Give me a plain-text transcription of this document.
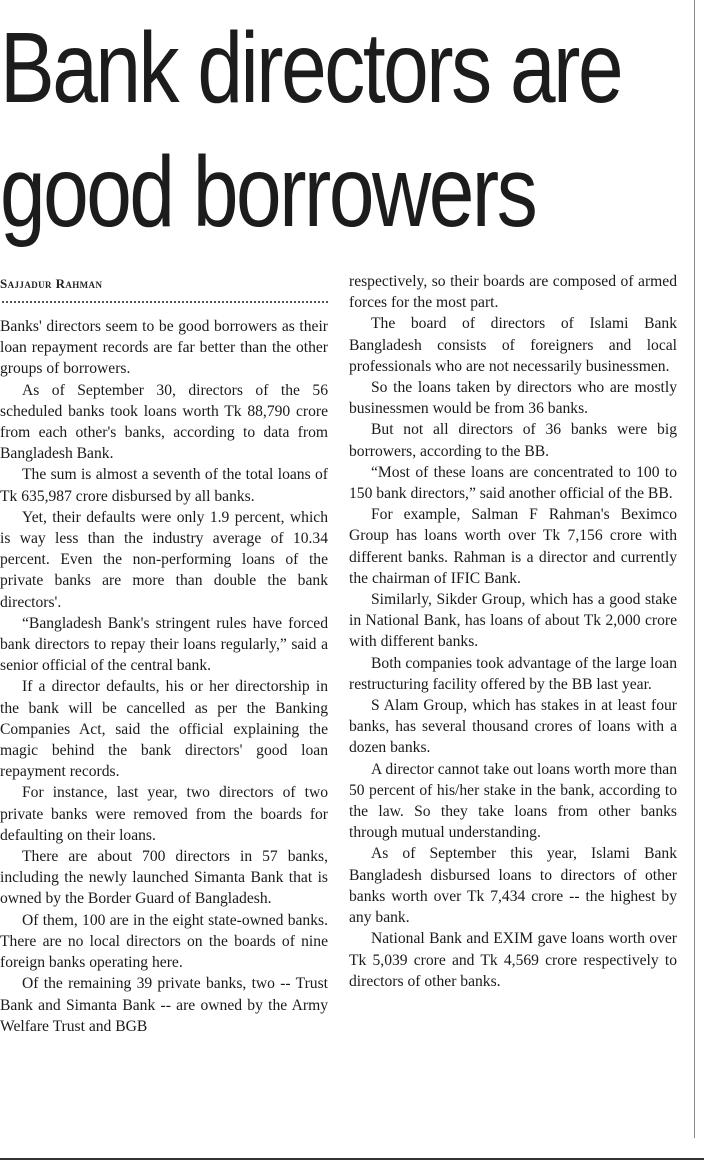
Bank directors are
good borrowers
Sajjadur Rahman

Banks' directors seem to be good borrowers as their loan repayment records are far better than the other groups of borrowers.

As of September 30, directors of the 56 scheduled banks took loans worth Tk 88,790 crore from each other's banks, according to data from Bangladesh Bank.

The sum is almost a seventh of the total loans of Tk 635,987 crore disbursed by all banks.

Yet, their defaults were only 1.9 percent, which is way less than the industry average of 10.34 percent. Even the non-performing loans of the private banks are more than double the bank directors'.

“Bangladesh Bank's stringent rules have forced bank directors to repay their loans regularly,” said a senior official of the central bank.

If a director defaults, his or her directorship in the bank will be cancelled as per the Banking Companies Act, said the official explaining the magic behind the bank directors' good loan repayment records.

For instance, last year, two directors of two private banks were removed from the boards for defaulting on their loans.

There are about 700 directors in 57 banks, including the newly launched Simanta Bank that is owned by the Border Guard of Bangladesh.

Of them, 100 are in the eight state-owned banks. There are no local directors on the boards of nine foreign banks operating here.

Of the remaining 39 private banks, two -- Trust Bank and Simanta Bank -- are owned by the Army Welfare Trust and BGB

respectively, so their boards are composed of armed forces for the most part.

The board of directors of Islami Bank Bangladesh consists of foreigners and local professionals who are not necessarily businessmen.

So the loans taken by directors who are mostly businessmen would be from 36 banks.

But not all directors of 36 banks were big borrowers, according to the BB.

“Most of these loans are concentrated to 100 to 150 bank directors,” said another official of the BB.

For example, Salman F Rahman's Beximco Group has loans worth over Tk 7,156 crore with different banks. Rahman is a director and currently the chairman of IFIC Bank.

Similarly, Sikder Group, which has a good stake in National Bank, has loans of about Tk 2,000 crore with different banks.

Both companies took advantage of the large loan restructuring facility offered by the BB last year.

S Alam Group, which has stakes in at least four banks, has several thousand crores of loans with a dozen banks.

A director cannot take out loans worth more than 50 percent of his/her stake in the bank, according to the law. So they take loans from other banks through mutual understanding.

As of September this year, Islami Bank Bangladesh disbursed loans to directors of other banks worth over Tk 7,434 crore -- the highest by any bank.

National Bank and EXIM gave loans worth over Tk 5,039 crore and Tk 4,569 crore respectively to directors of other banks.
